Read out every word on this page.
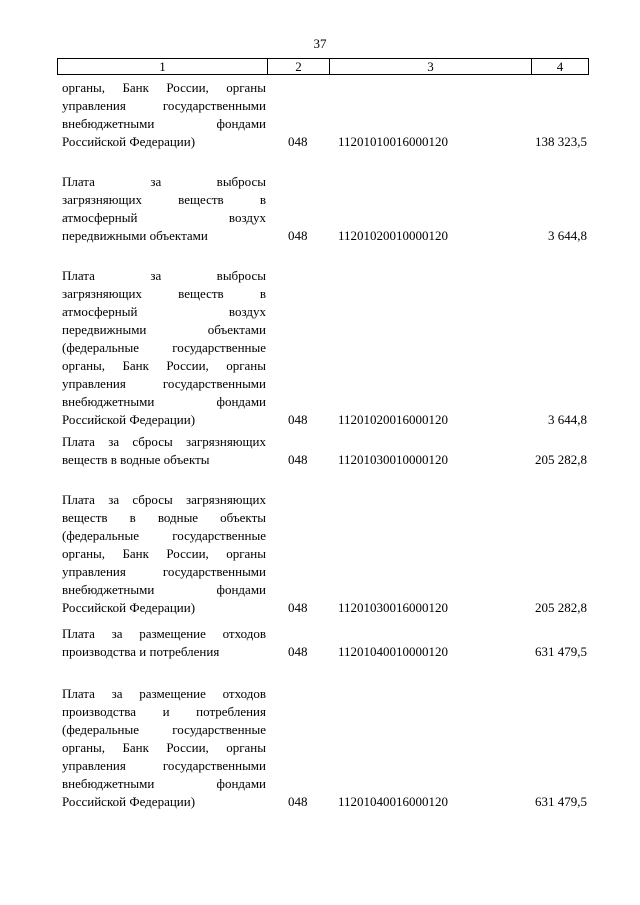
37
1	2	3	4
органы, Банк России, органы
управления государственными
внебюджетными фондами
Российской Федерации)	048	11201010016000120	138 323,5
Плата за выбросы
загрязняющих веществ в
атмосферный воздух
передвижными объектами	048	11201020010000120	3 644,8
Плата за выбросы
загрязняющих веществ в
атмосферный воздух
передвижными объектами
(федеральные государственные
органы, Банк России, органы
управления государственными
внебюджетными фондами
Российской Федерации)	048	11201020016000120	3 644,8
Плата за сбросы загрязняющих
веществ в водные объекты	048	11201030010000120	205 282,8
Плата за сбросы загрязняющих
веществ в водные объекты
(федеральные государственные
органы, Банк России, органы
управления государственными
внебюджетными фондами
Российской Федерации)	048	11201030016000120	205 282,8
Плата за размещение отходов
производства и потребления	048	11201040010000120	631 479,5
Плата за размещение отходов
производства и потребления
(федеральные государственные
органы, Банк России, органы
управления государственными
внебюджетными фондами
Российской Федерации)	048	11201040016000120	631 479,5
